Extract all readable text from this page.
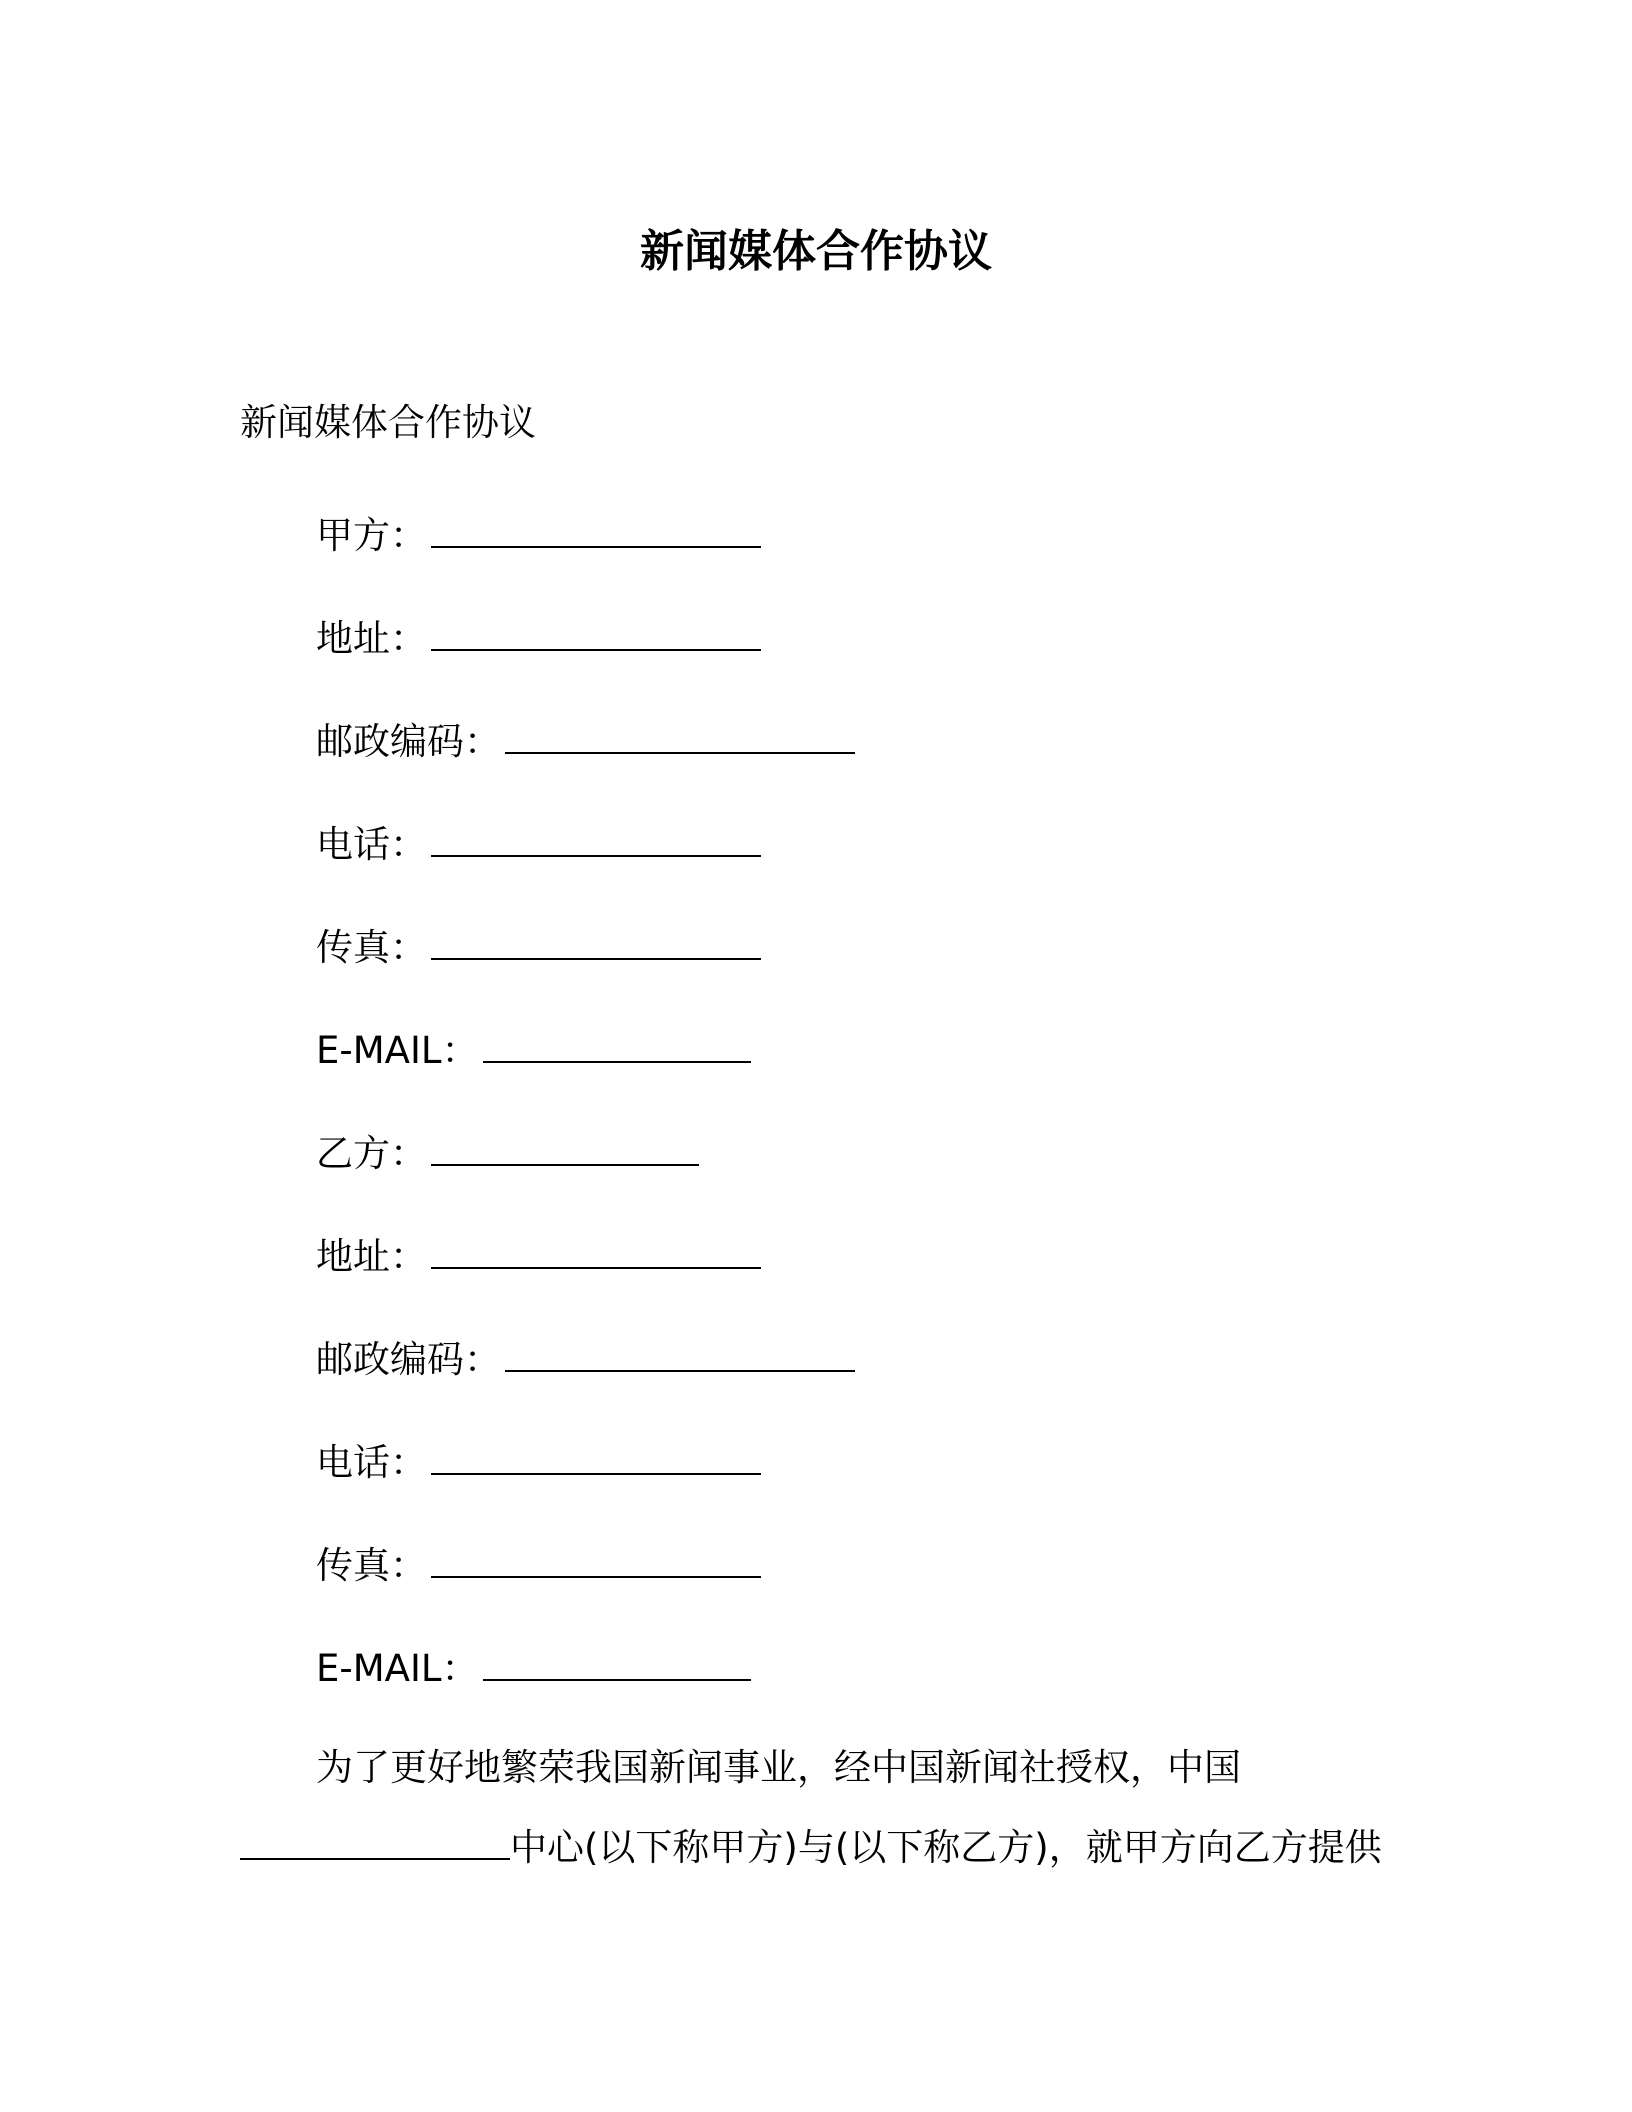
新闻媒体合作协议
新闻媒体合作协议
甲方：
地址：
邮政编码：
电话：
传真：
E-MAIL：
乙方：
地址：
邮政编码：
电话：
传真：
E-MAIL：
为了更好地繁荣我国新闻事业，经中国新闻社授权，中国
中心(以下称甲方)与(以下称乙方)，就甲方向乙方提供
